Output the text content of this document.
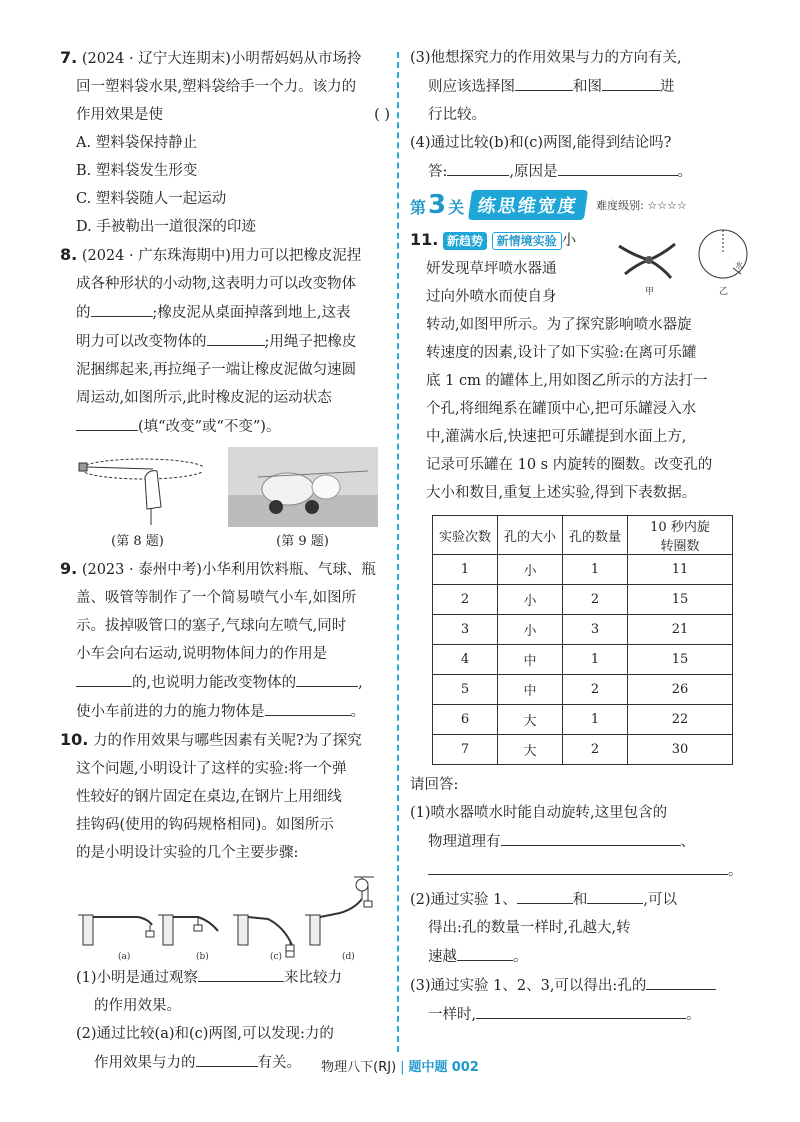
7. (2024 · 辽宁大连期末)小明帮妈妈从市场拎

回一塑料袋水果,塑料袋给手一个力。该力的

作用效果是使	( )

A. 塑料袋保持静止

B. 塑料袋发生形变

C. 塑料袋随人一起运动

D. 手被勒出一道很深的印迹

8. (2024 · 广东珠海期中)用力可以把橡皮泥捏

成各种形状的小动物,这表明力可以改变物体

的	;橡皮泥从桌面掉落到地上,这表

明力可以改变物体的	;用绳子把橡皮

泥捆绑起来,再拉绳子一端让橡皮泥做匀速圆

周运动,如图所示,此时橡皮泥的运动状态

(填“改变”或“不变”)。

(第 8 题)	(第 9 题)

9. (2023 · 泰州中考)小华利用饮料瓶、气球、瓶

盖、吸管等制作了一个简易喷气小车,如图所

示。拔掉吸管口的塞子,气球向左喷气,同时

小车会向右运动,说明物体间力的作用是

的,也说明力能改变物体的	,

使小车前进的力的施力物体是	。

10. 力的作用效果与哪些因素有关呢?为了探究

这个问题,小明设计了这样的实验:将一个弹

性较好的钢片固定在桌边,在钢片上用细线

挂钩码(使用的钩码规格相同)。如图所示

的是小明设计实验的几个主要步骤:

(a)	(b)	(c)	(d)

(1)小明是通过观察	来比较力

的作用效果。

(2)通过比较(a)和(c)两图,可以发现:力的

作用效果与力的	有关。

(3)他想探究力的作用效果与力的方向有关,

则应该选择图	和图	进

行比较。

(4)通过比较(b)和(c)两图,能得到结论吗?

答:	,原因是	。

第3 关 练思维宽度	难度级别: ☆☆☆☆
甲
水
乙

11. 新趋势 新情境实验 小

妍发现草坪喷水器通

过向外喷水而使自身

转动,如图甲所示。为了探究影响喷水器旋

转速度的因素,设计了如下实验:在离可乐罐

底 1 cm 的罐体上,用如图乙所示的方法打一

个孔,将细绳系在罐顶中心,把可乐罐浸入水

中,灌满水后,快速把可乐罐提到水面上方,

记录可乐罐在 10 s 内旋转的圈数。改变孔的

大小和数目,重复上述实验,得到下表数据。

实验次数	孔的大小	孔的数量	10 秒内旋
转圈数
1	小	1	11
2	小	2	15
3	小	3	21
4	中	1	15
5	中	2	26
6	大	1	22
7	大	2	30

请回答:

(1)喷水器喷水时能自动旋转,这里包含的

物理道理有	、

。

(2)通过实验 1、	和	,可以

得出:孔的数量一样时,孔越大,转

速越	。

(3)通过实验 1、2、3,可以得出:孔的

一样时,	。

物理八下(RJ) | 题中题 002
